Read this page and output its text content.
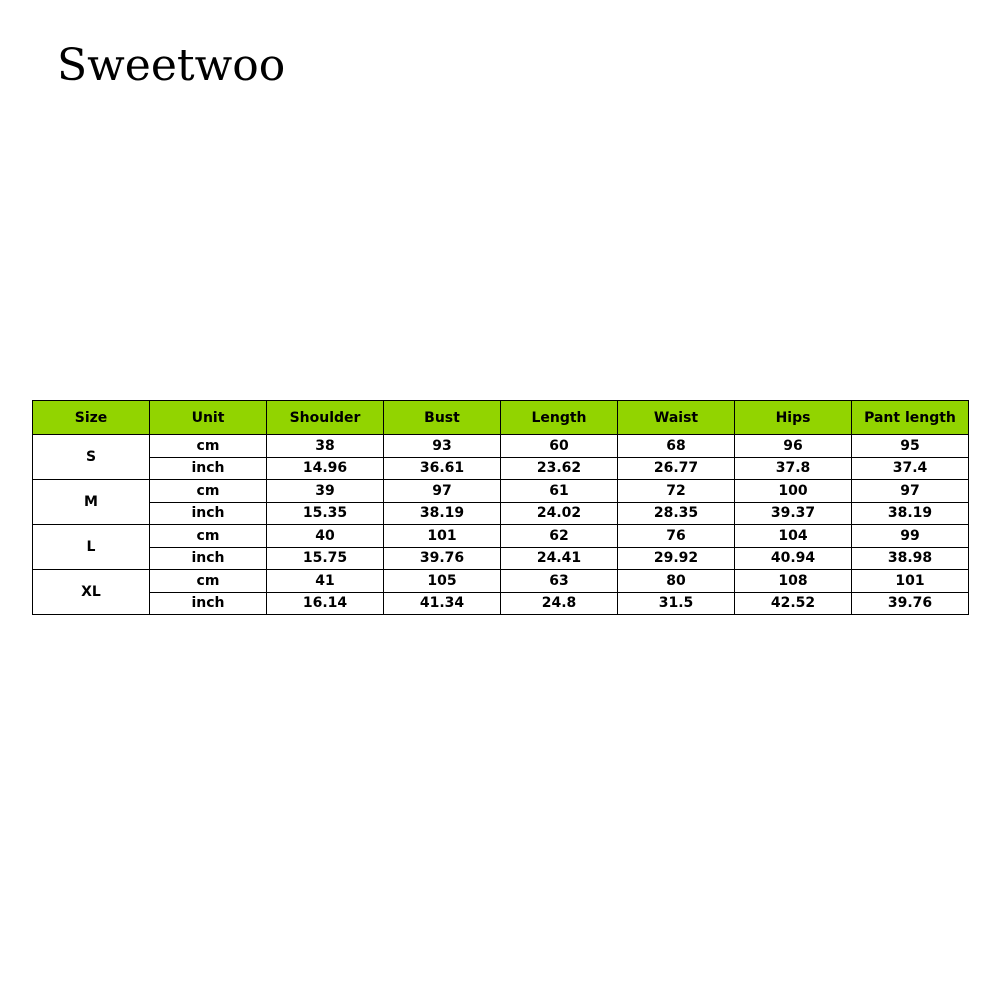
Sweetwoo
Size	Unit	Shoulder	Bust	Length	Waist	Hips	Pant length
S	cm	38	93	60	68	96	95
	inch	14.96	36.61	23.62	26.77	37.8	37.4
M	cm	39	97	61	72	100	97
	inch	15.35	38.19	24.02	28.35	39.37	38.19
L	cm	40	101	62	76	104	99
	inch	15.75	39.76	24.41	29.92	40.94	38.98
XL	cm	41	105	63	80	108	101
	inch	16.14	41.34	24.8	31.5	42.52	39.76
